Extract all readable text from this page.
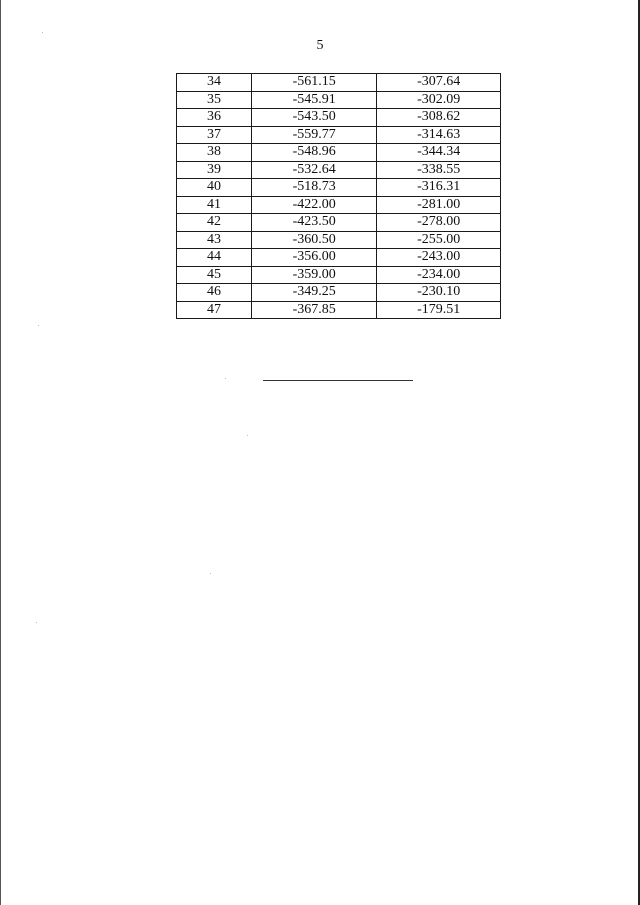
5
34	-561.15	-307.64
35	-545.91	-302.09
36	-543.50	-308.62
37	-559.77	-314.63
38	-548.96	-344.34
39	-532.64	-338.55
40	-518.73	-316.31
41	-422.00	-281.00
42	-423.50	-278.00
43	-360.50	-255.00
44	-356.00	-243.00
45	-359.00	-234.00
46	-349.25	-230.10
47	-367.85	-179.51
